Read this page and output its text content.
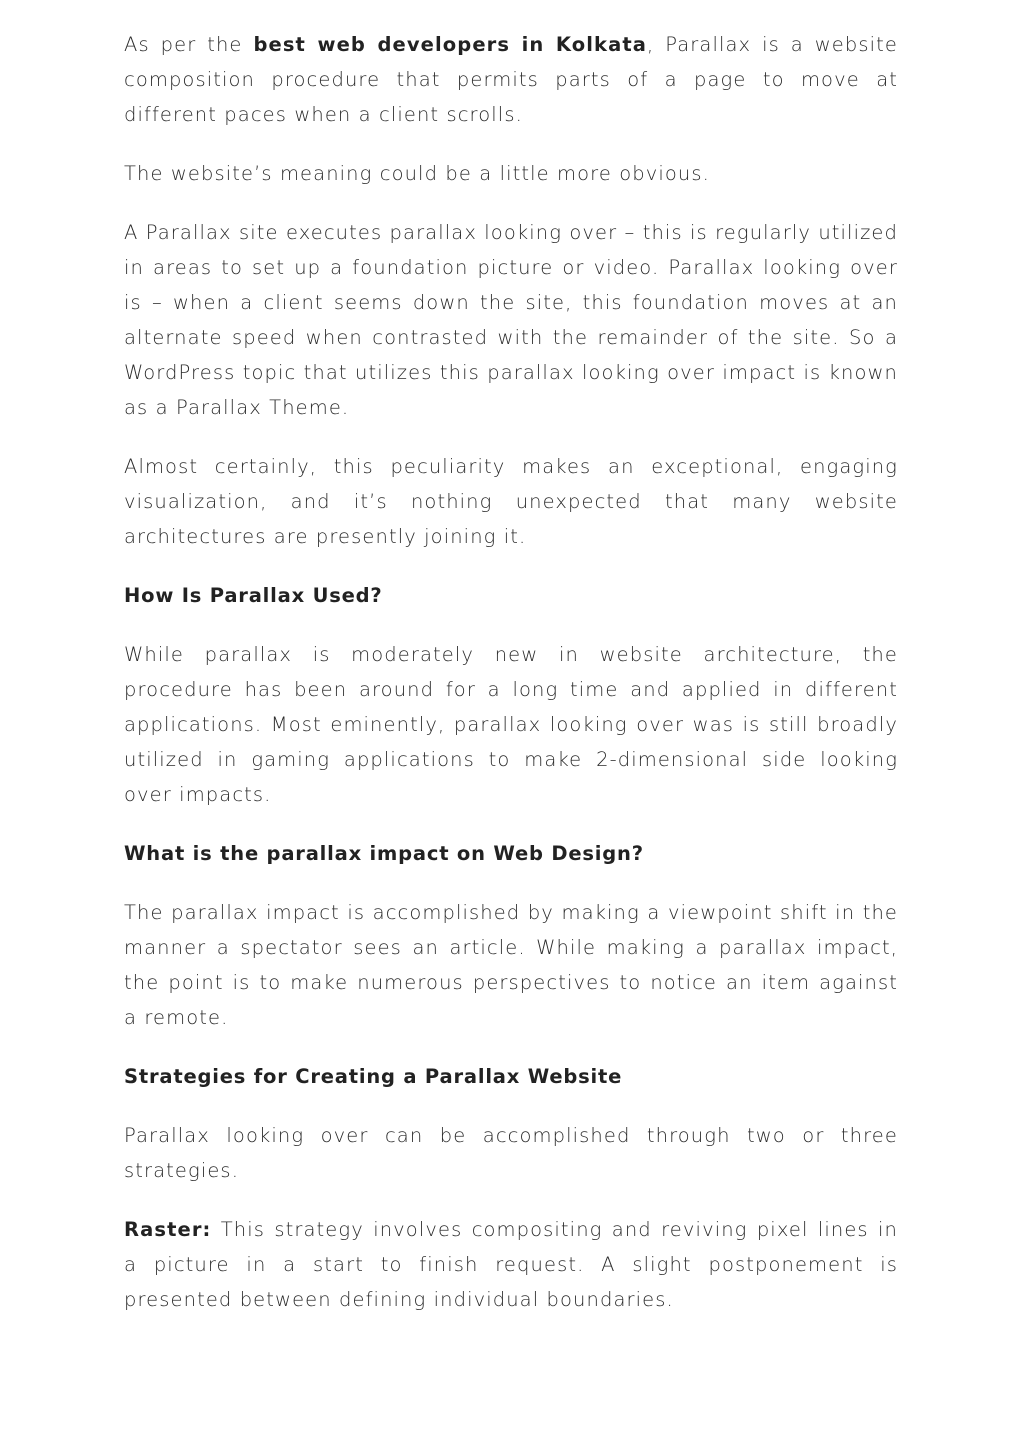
As per the best web developers in Kolkata, Parallax is a website composition procedure that permits parts of a page to move at different paces when a client scrolls.

The website’s meaning could be a little more obvious.

A Parallax site executes parallax looking over – this is regularly utilized in areas to set up a foundation picture or video. Parallax looking over is – when a client seems down the site, this foundation moves at an alternate speed when contrasted with the remainder of the site. So a WordPress topic that utilizes this parallax looking over impact is known as a Parallax Theme.

Almost certainly, this peculiarity makes an exceptional, engaging visualization, and it’s nothing unexpected that many website architectures are presently joining it.

How Is Parallax Used?

While parallax is moderately new in website architecture, the procedure has been around for a long time and applied in different applications. Most eminently, parallax looking over was is still broadly utilized in gaming applications to make 2-dimensional side looking over impacts.

What is the parallax impact on Web Design?

The parallax impact is accomplished by making a viewpoint shift in the manner a spectator sees an article. While making a parallax impact, the point is to make numerous perspectives to notice an item against a remote.

Strategies for Creating a Parallax Website

Parallax looking over can be accomplished through two or three strategies.

Raster: This strategy involves compositing and reviving pixel lines in a picture in a start to finish request. A slight postponement is presented between defining individual boundaries.
